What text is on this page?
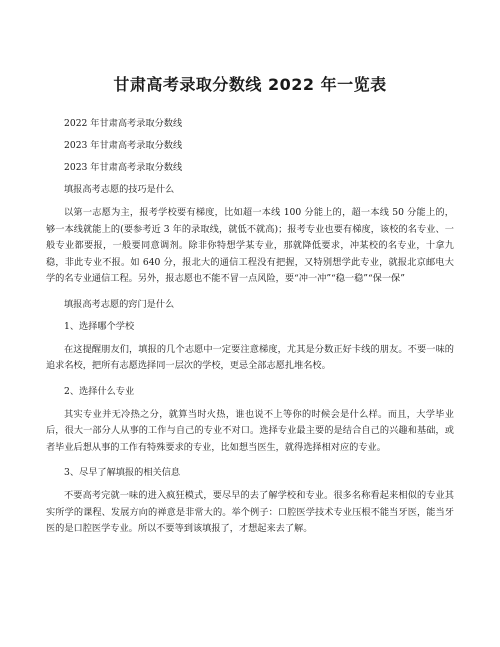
甘肃高考录取分数线 2022 年一览表

2022 年甘肃高考录取分数线

2023 年甘肃高考录取分数线

2023 年甘肃高考录取分数线

填报高考志愿的技巧是什么

以第一志愿为主，报考学校要有梯度，比如超一本线 100 分能上的，超一本线 50 分能上的，够一本线就能上的(要参考近 3 年的录取线，就低不就高)；报考专业也要有梯度，该校的名专业、一般专业都要报，一般要同意调剂。除非你特想学某专业，那就降低要求，冲某校的名专业，十拿九稳，非此专业不报。如 640 分，报北大的通信工程没有把握，又特别想学此专业，就报北京邮电大学的名专业通信工程。另外，报志愿也不能不冒一点风险，要“冲一冲”“稳一稳”“保一保”

填报高考志愿的窍门是什么

1、选择哪个学校

在这提醒朋友们，填报的几个志愿中一定要注意梯度，尤其是分数正好卡线的朋友。不要一味的追求名校，把所有志愿选择同一层次的学校，更忌全部志愿扎堆名校。

2、选择什么专业

其实专业并无冷热之分，就算当时火热，谁也说不上等你的时候会是什么样。而且，大学毕业后，很大一部分人从事的工作与自己的专业不对口。选择专业最主要的是结合自己的兴趣和基础，或者毕业后想从事的工作有特殊要求的专业，比如想当医生，就得选择相对应的专业。

3、尽早了解填报的相关信息

不要高考完就一味的进入疯狂模式，要尽早的去了解学校和专业。很多名称看起来相似的专业其实所学的课程、发展方向的禅意是非常大的。举个例子：口腔医学技术专业压根不能当牙医，能当牙医的是口腔医学专业。所以不要等到该填报了，才想起来去了解。
